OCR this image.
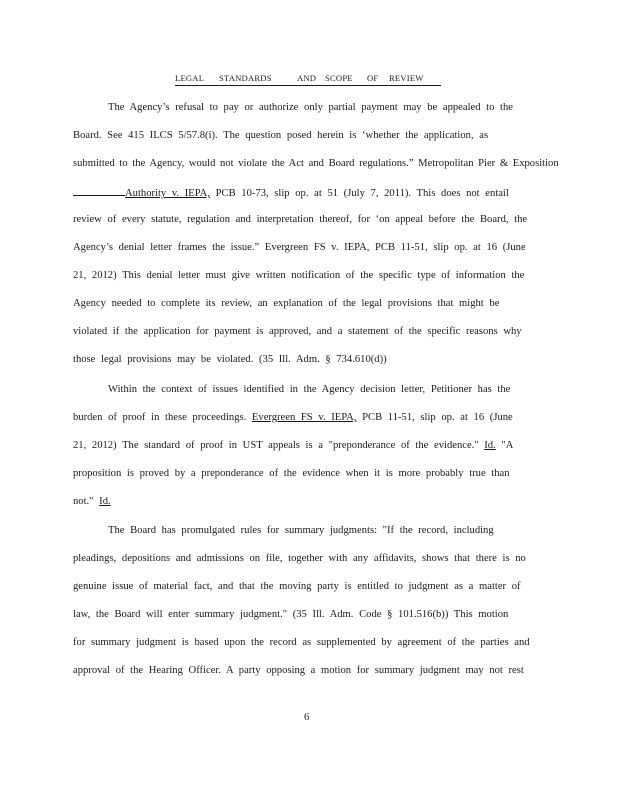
LEGAL STANDARDS	AND SCOPE OF REVIEW
The Agency’s refusal to pay or authorize only partial payment may be appealed to the
Board. See 415 ILCS 5/57.8(i). The question posed herein is ‘whether the application, as
submitted to the Agency, would not violate the Act and Board regulations.” Metropolitan Pier & Exposition
Authority v. IEPA, PCB 10-73, slip op. at 51 (July 7, 2011). This does not entail
review of every statute, regulation and interpretation thereof, for ‘on appeal before the Board, the
Agency’s denial letter frames the issue.” Evergreen FS v. IEPA, PCB 11-51, slip op. at 16 (June
21, 2012) This denial letter must give written notification of the specific type of information the
Agency needed to complete its review, an explanation of the legal provisions that might be
violated if the application for payment is approved, and a statement of the specific reasons why
those legal provisions may be violated. (35 Ill. Adm. § 734.610(d))
Within the context of issues identified in the Agency decision letter, Petitioner has the
burden of proof in these proceedings. Evergreen FS v. IEPA, PCB 11-51, slip op. at 16 (June
21, 2012) The standard of proof in UST appeals is a "preponderance of the evidence." Id. "A
proposition is proved by a preponderance of the evidence when it is more probably true than
not." Id.
The Board has promulgated rules for summary judgments: "If the record, including
pleadings, depositions and admissions on file, together with any affidavits, shows that there is no
genuine issue of material fact, and that the moving party is entitled to judgment as a matter of
law, the Board will enter summary judgment." (35 Ill. Adm. Code § 101.516(b)) This motion
for summary judgment is based upon the record as supplemented by agreement of the parties and
approval of the Hearing Officer. A party opposing a motion for summary judgment may not rest
6
